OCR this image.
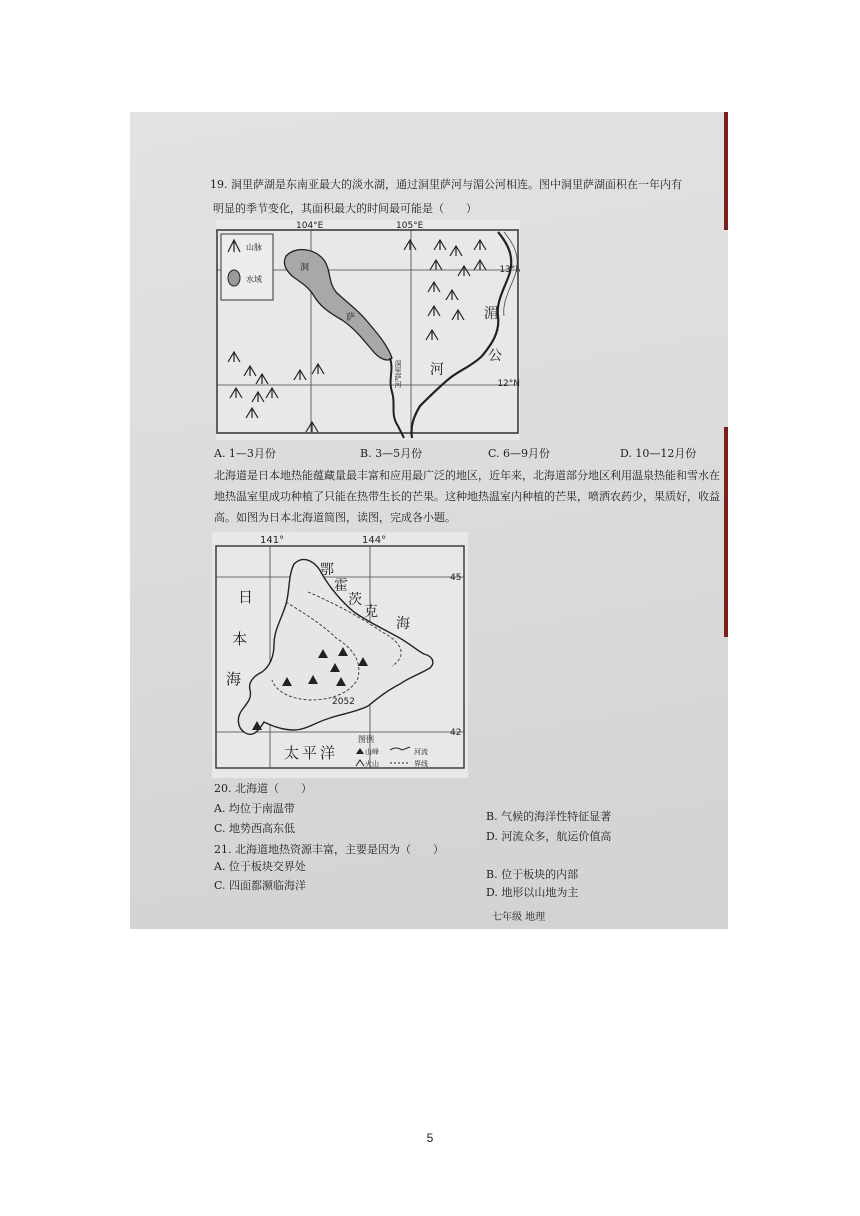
19. 洞里萨湖是东南亚最大的淡水湖，通过洞里萨河与湄公河相连。图中洞里萨湖面积在一年内有
明显的季节变化，其面积最大的时间最可能是（　　）
104°E	105°E
13°N
12°N
山脉
水域
洞
萨
洞里萨河
湄
公
河
A. 1—3月份	B. 3—5月份	C. 6—9月份	D. 10—12月份
北海道是日本地热能蕴藏量最丰富和应用最广泛的地区，近年来，北海道部分地区利用温泉热能和雪水在地热温室里成功种植了只能在热带生长的芒果。这种地热温室内种植的芒果，喷洒农药少，果质好，收益高。如图为日本北海道简图，读图，完成各小题。
141°	144°
45
42
2052
日
本
海
鄂
霍
茨
克
海
太平洋
图例
山峰	河流
火山	界线
20. 北海道（　　）
A. 均位于南温带
B. 气候的海洋性特征显著
C. 地势西高东低
D. 河流众多，航运价值高
21. 北海道地热资源丰富，主要是因为（　　）
A. 位于板块交界处
B. 位于板块的内部
C. 四面都濒临海洋
D. 地形以山地为主
七年级 地理
5
